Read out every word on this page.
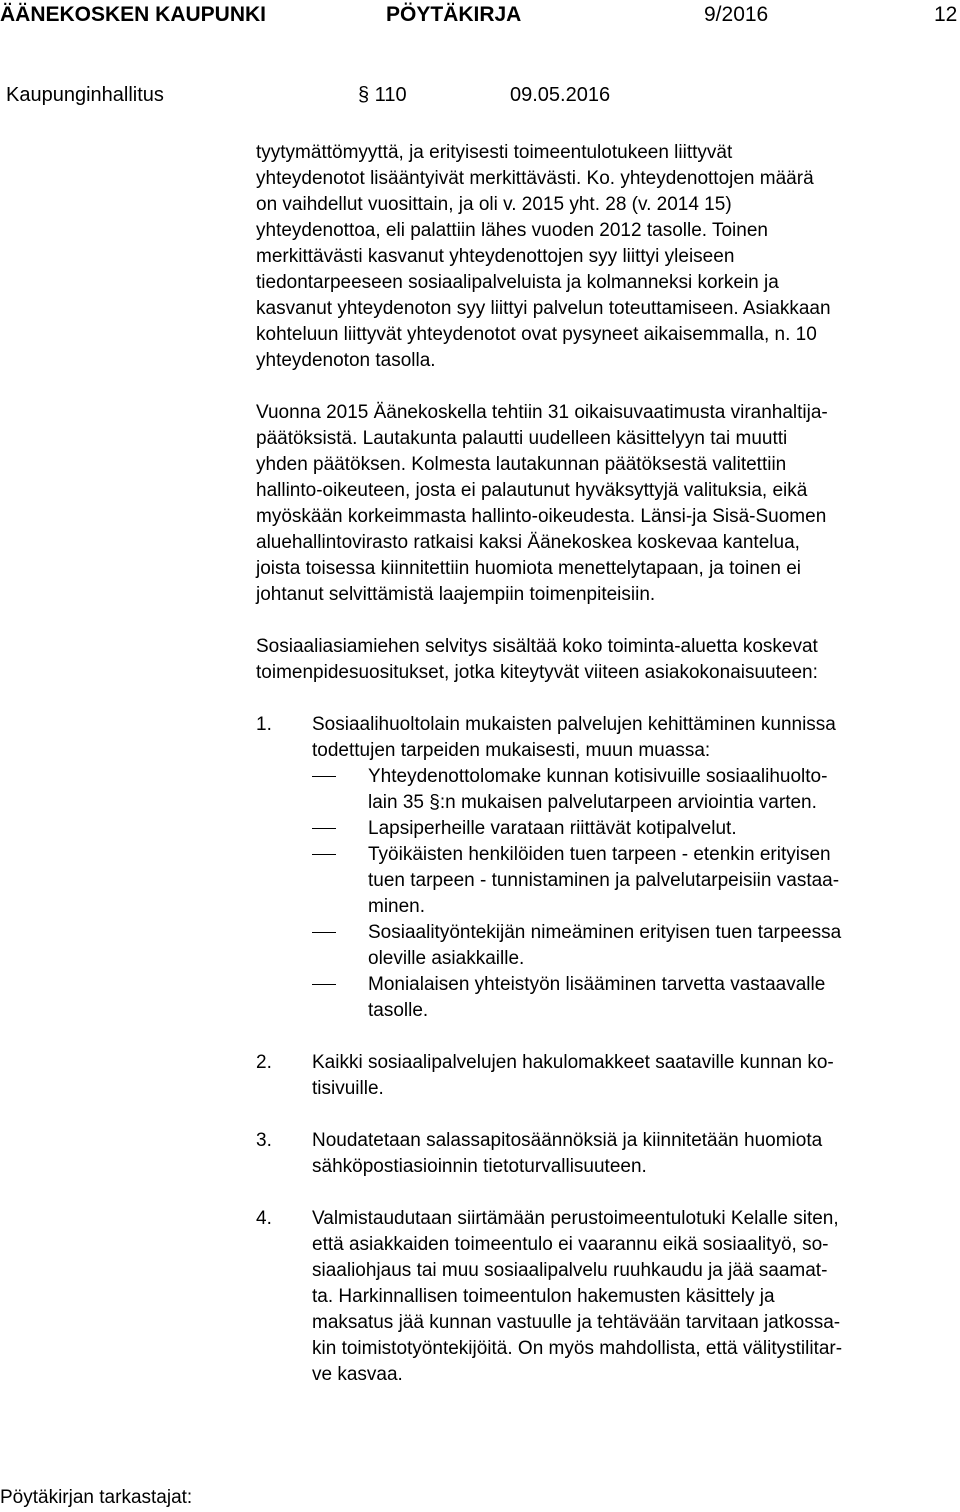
ÄÄNEKOSKEN KAUPUNKI	PÖYTÄKIRJA	9/2016	12
Kaupunginhallitus	§ 110	09.05.2016

tyytymättömyyttä, ja erityisesti toimeentulotukeen liittyvät
yhteydenotot lisääntyivät merkittävästi. Ko. yhteydenottojen määrä
on vaihdellut vuosittain, ja oli v. 2015 yht. 28 (v. 2014 15)
yhteydenottoa, eli palattiin lähes vuoden 2012 tasolle. Toinen
merkittävästi kasvanut yhteydenottojen syy liittyi yleiseen
tiedontarpeeseen sosiaalipalveluista ja kolmanneksi korkein ja
kasvanut yhteydenoton syy liittyi palvelun toteuttamiseen. Asiakkaan
kohteluun liittyvät yhteydenotot ovat pysyneet aikaisemmalla, n. 10
yhteydenoton tasolla.

Vuonna 2015 Äänekoskella tehtiin 31 oikaisuvaatimusta viranhaltija-
päätöksistä. Lautakunta palautti uudelleen käsittelyyn tai muutti
yhden päätöksen. Kolmesta lautakunnan päätöksestä valitettiin
hallinto-oikeuteen, josta ei palautunut hyväksyttyjä valituksia, eikä
myöskään korkeimmasta hallinto-oikeudesta. Länsi-ja Sisä-Suomen
aluehallintovirasto ratkaisi kaksi Äänekoskea koskevaa kantelua,
joista toisessa kiinnitettiin huomiota menettelytapaan, ja toinen ei
johtanut selvittämistä laajempiin toimenpiteisiin.

Sosiaaliasiamiehen selvitys sisältää koko toiminta-aluetta koskevat
toimenpidesuositukset, jotka kiteytyvät viiteen asiakokonaisuuteen:

1. Sosiaalihuoltolain mukaisten palvelujen kehittäminen kunnissa
todettujen tarpeiden mukaisesti, muun muassa:
Yhteydenottolomake kunnan kotisivuille sosiaalihuolto-
lain 35 §:n mukaisen palvelutarpeen arviointia varten.
Lapsiperheille varataan riittävät kotipalvelut.
Työikäisten henkilöiden tuen tarpeen - etenkin erityisen
tuen tarpeen - tunnistaminen ja palvelutarpeisiin vastaa-
minen.
Sosiaalityöntekijän nimeäminen erityisen tuen tarpeessa
oleville asiakkaille.
Monialaisen yhteistyön lisääminen tarvetta vastaavalle
tasolle.
2. Kaikki sosiaalipalvelujen hakulomakkeet saataville kunnan ko-
tisivuille.
3. Noudatetaan salassapitosäännöksiä ja kiinnitetään huomiota
sähköpostiasioinnin tietoturvallisuuteen.
4. Valmistaudutaan siirtämään perustoimeentulotuki Kelalle siten,
että asiakkaiden toimeentulo ei vaarannu eikä sosiaalityö, so-
siaaliohjaus tai muu sosiaalipalvelu ruuhkaudu ja jää saamat-
ta. Harkinnallisen toimeentulon hakemusten käsittely ja
maksatus jää kunnan vastuulle ja tehtävään tarvitaan jatkossa-
kin toimistotyöntekijöitä. On myös mahdollista, että välitystilitar-
ve kasvaa.
Pöytäkirjan tarkastajat:
